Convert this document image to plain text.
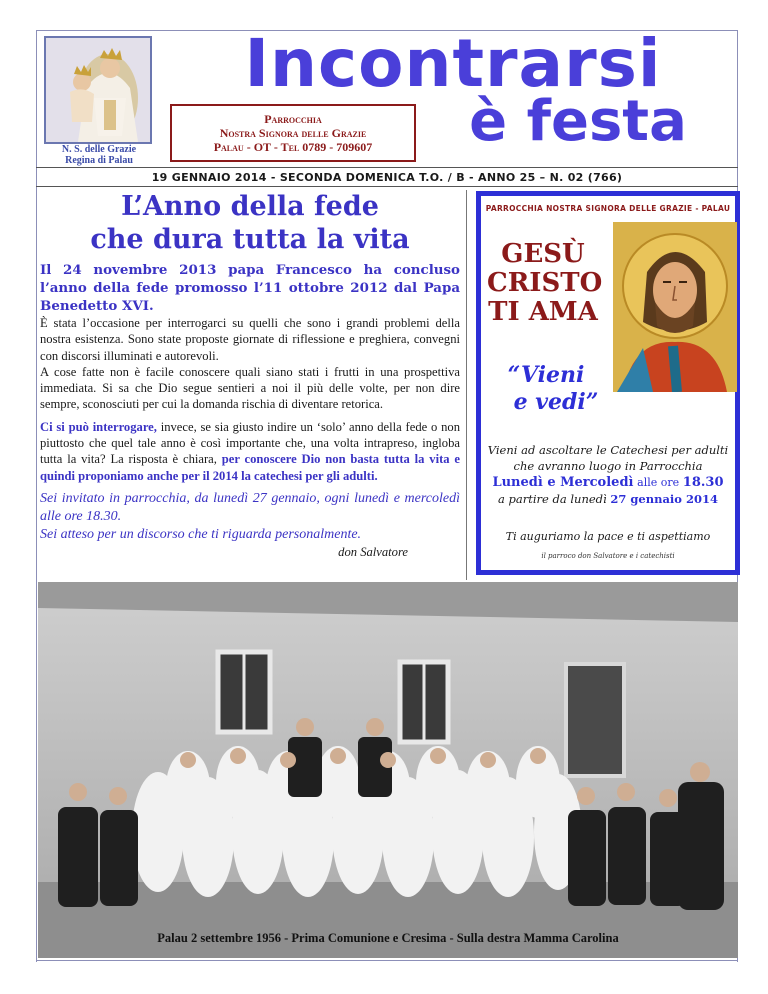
N. S. delle Grazie
Regina di Palau
Incontrarsi
è festa
Parrocchia
Nostra Signora delle Grazie
Palau - OT - Tel 0789 - 709607
19 GENNAIO 2014 - SECONDA DOMENICA T.O. / B - ANNO 25 – N. 02 (766)
L’Anno della fede
che dura tutta la vita

Il 24 novembre 2013 papa Francesco ha concluso l’anno della fede promosso l’11 ottobre 2012 dal Papa Benedetto XVI.

È stata l’occasione per interrogarci su quelli che sono i grandi problemi della nostra esistenza. Sono state proposte giornate di riflessione e preghiera, convegni con discorsi illuminati e autorevoli.

A cose fatte non è facile conoscere quali siano stati i frutti in una prospettiva immediata. Si sa che Dio segue sentieri a noi il più delle volte, per non dire sempre, sconosciuti per cui la domanda rischia di diventare retorica.

Ci si può interrogare, invece, se sia giusto indire un ‘solo’ anno della fede o non piuttosto che quel tale anno è così importante che, una volta intrapreso, ingloba tutta la vita? La risposta è chiara, per conoscere Dio non basta tutta la vita e quindi proponiamo anche per il 2014 la catechesi per gli adulti.

Sei invitato in parrocchia, da lunedì 27 gennaio, ogni lunedì e mercoledì alle ore 18.30.

Sei atteso per un discorso che ti riguarda personalmente.

don Salvatore

PARROCCHIA NOSTRA SIGNORA DELLE GRAZIE - PALAU
GESÙ
CRISTO
TI AMA
“Vieni
e vedi”
Vieni ad ascoltare le Catechesi per adulti
che avranno luogo in Parrocchia
Lunedì e Mercoledì alle ore 18.30
a partire da lunedì 27 gennaio 2014
Ti auguriamo la pace e ti aspettiamo
il parroco don Salvatore e i catechisti
Palau 2 settembre 1956 - Prima Comunione e Cresima - Sulla destra Mamma Carolina
